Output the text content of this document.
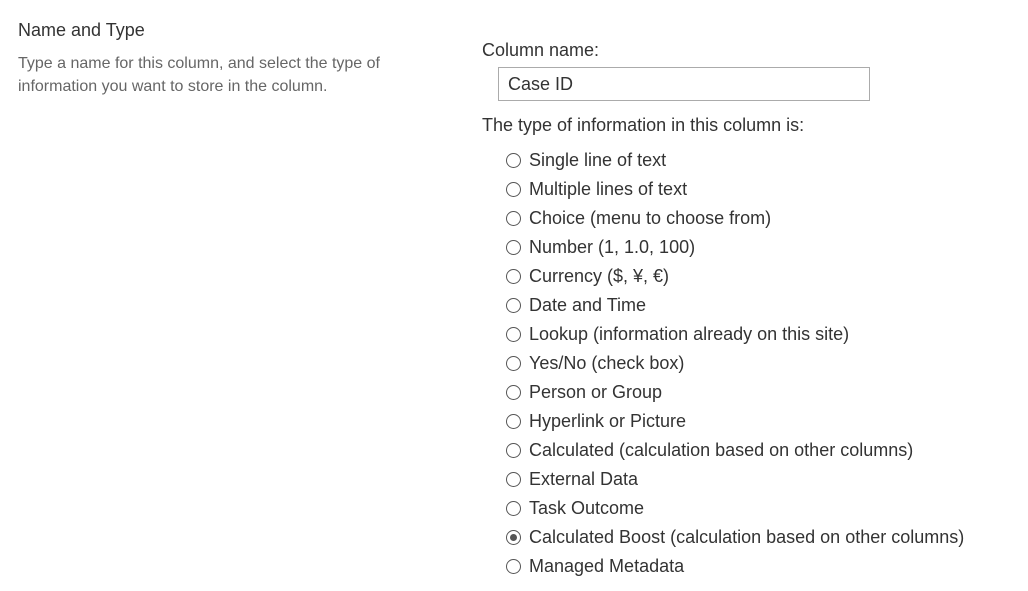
Name and Type
Type a name for this column, and select the type of information you want to store in the column.
Column name:
Case ID
The type of information in this column is:
Single line of text
Multiple lines of text
Choice (menu to choose from)
Number (1, 1.0, 100)
Currency ($, ¥, €)
Date and Time
Lookup (information already on this site)
Yes/No (check box)
Person or Group
Hyperlink or Picture
Calculated (calculation based on other columns)
External Data
Task Outcome
Calculated Boost (calculation based on other columns)
Managed Metadata
